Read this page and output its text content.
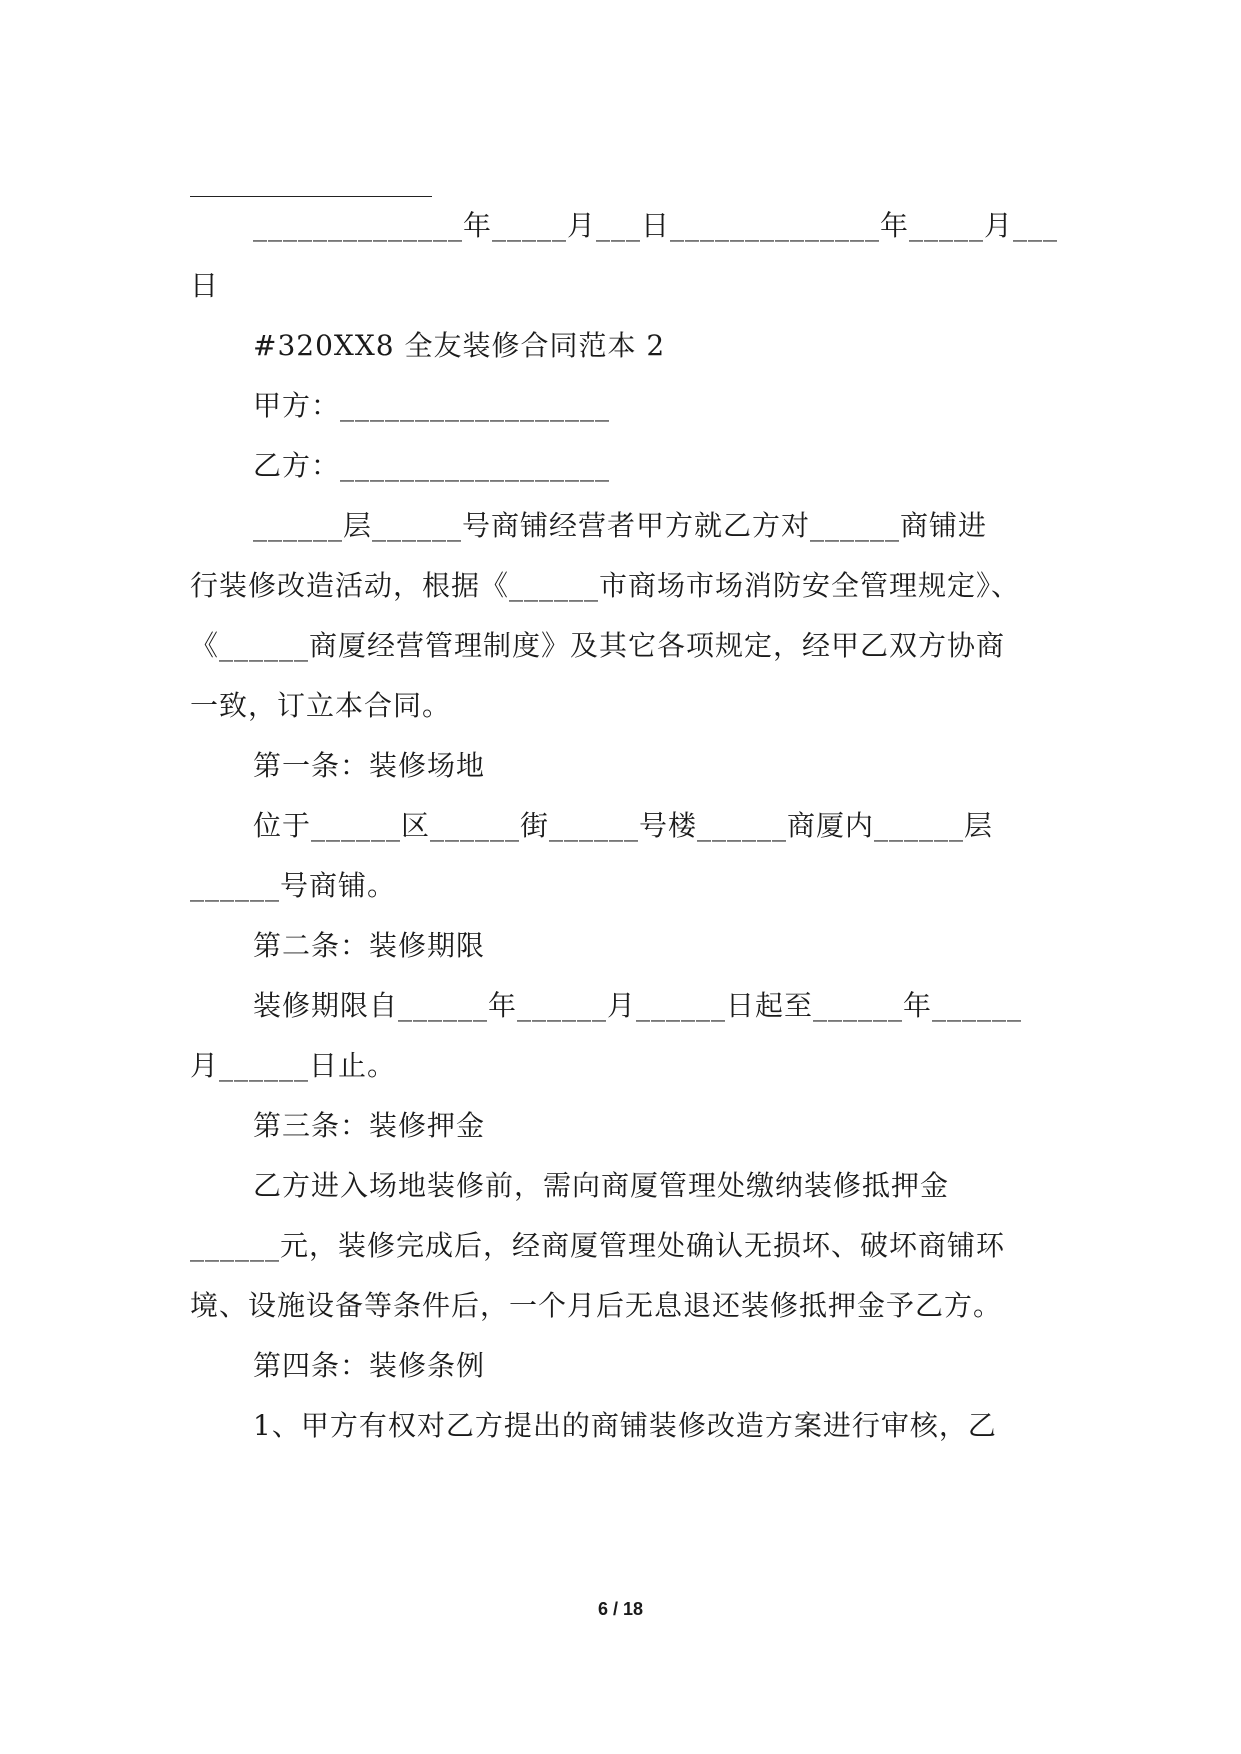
______________年_____月___日______________年_____月___
日
#320XX8 全友装修合同范本 2
甲方：__________________
乙方：__________________
______层______号商铺经营者甲方就乙方对______商铺进
行装修改造活动，根据《______市商场市场消防安全管理规定》、
《______商厦经营管理制度》及其它各项规定，经甲乙双方协商
一致，订立本合同。
第一条：装修场地
位于______区______街______号楼______商厦内______层
______号商铺。
第二条：装修期限
装修期限自______年______月______日起至______年______
月______日止。
第三条：装修押金
乙方进入场地装修前，需向商厦管理处缴纳装修抵押金
______元，装修完成后，经商厦管理处确认无损坏、破坏商铺环
境、设施设备等条件后，一个月后无息退还装修抵押金予乙方。
第四条：装修条例
1、甲方有权对乙方提出的商铺装修改造方案进行审核，乙
6 / 18
